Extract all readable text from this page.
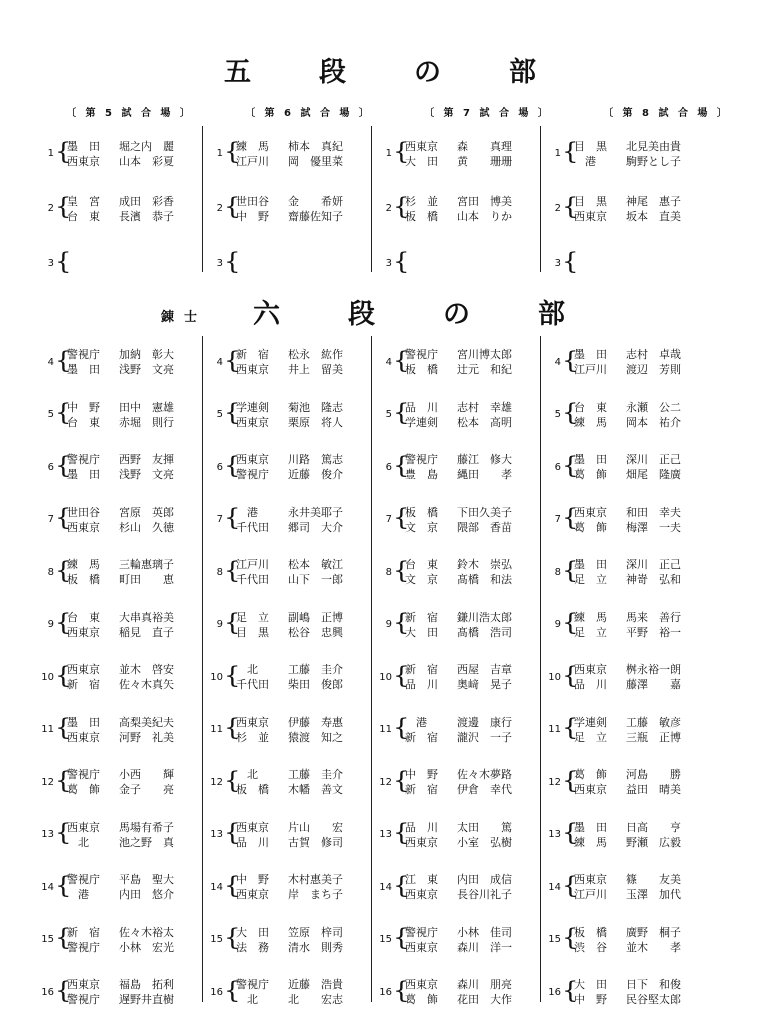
五	段	の	部
〔 第 5 試 合 場 〕	〔 第 6 試 合 場 〕	〔 第 7 試 合 場 〕	〔 第 8 試 合 場 〕
1 {
墨　田	堀之内　麗
西東京	山本　彩夏
2 {
皇　宮	成田　彩香
台　東	長濱　恭子
3 {
1 {
練　馬	柿本　真紀
江戸川	岡　優里菜
2 {
世田谷	金　　希妍
中　野	齋藤佐知子
3 {
1 {
西東京	森　　真理
大　田	黄　　珊珊
2 {
杉　並	宮田　博美
板　橋	山本　りか
3 {
1 {
目　黒	北見美由貴
　港	駒野とし子
2 {
目　黒	神尾　惠子
西東京	坂本　直美
3 {
錬士 六	段	の	部
4 {
警視庁	加納　彰大
墨　田	浅野　文亮
5 {
中　野	田中　憲雄
台　東	赤堀　則行
6 {
警視庁	西野　友揮
墨　田	浅野　文亮
7 {
世田谷	宮原　英郎
西東京	杉山　久徳
8 {
練　馬	三輪惠璃子
板　橋	町田　　恵
9 {
台　東	大串真裕美
西東京	稲見　直子
10 {
西東京	並木　啓安
新　宿	佐々木真矢
11 {
墨　田	高梨美紀夫
西東京	河野　礼美
12 {
警視庁	小西　　輝
葛　飾	金子　　亮
13 {
西東京	馬場有希子
　北	池之野　真
14 {
警視庁	平島　聖大
　港	内田　悠介
15 {
新　宿	佐々木裕太
警視庁	小林　宏光
16 {
西東京	福島　拓利
警視庁	遅野井直樹
4 {
新　宿	松永　紘作
西東京	井上　留美
5 {
学連剣	菊池　隆志
西東京	栗原　将人
6 {
西東京	川路　篤志
警視庁	近藤　俊介
7 {
　港	永井美耶子
千代田	郷司　大介
8 {
江戸川	松本　敏江
千代田	山下　一郎
9 {
足　立	副嶋　正博
目　黒	松谷　忠興
10 {
　北	工藤　圭介
千代田	柴田　俊郎
11 {
西東京	伊藤　寿惠
杉　並	猿渡　知之
12 {
　北	工藤　圭介
板　橋	木幡　善文
13 {
西東京	片山　　宏
品　川	古賀　修司
14 {
中　野	木村惠美子
西東京	岸　まち子
15 {
大　田	笠原　梓司
法　務	清水　則秀
16 {
警視庁	近藤　浩貴
　北	北　　宏志
4 {
警視庁	宮川博太郎
板　橋	辻元　和紀
5 {
品　川	志村　幸雄
学連剣	松本　高明
6 {
警視庁	藤江　修大
豊　島	縄田　　孝
7 {
板　橋	下田久美子
文　京	隈部　香苗
8 {
台　東	鈴木　崇弘
文　京	髙橋　和法
9 {
新　宿	鎌川浩太郎
大　田	髙橋　浩司
10 {
新　宿	西屋　吉章
品　川	奥﨑　晃子
11 {
　港	渡邊　康行
新　宿	瀧沢　一子
12 {
中　野	佐々木夢路
新　宿	伊倉　幸代
13 {
品　川	太田　　篤
西東京	小室　弘樹
14 {
江　東	内田　成信
西東京	長谷川礼子
15 {
警視庁	小林　佳司
西東京	森川　洋一
16 {
西東京	森川　朋亮
葛　飾	花田　大作
4 {
墨　田	志村　卓哉
江戸川	渡辺　芳則
5 {
台　東	永瀬　公二
練　馬	岡本　祐介
6 {
墨　田	深川　正己
葛　飾	畑尾　隆廣
7 {
西東京	和田　幸夫
葛　飾	梅澤　一夫
8 {
墨　田	深川　正己
足　立	神嵜　弘和
9 {
練　馬	馬来　善行
足　立	平野　裕一
10 {
西東京	桝永裕一朗
品　川	藤澤　　嘉
11 {
学連剣	工藤　敏彦
足　立	三瓶　正博
12 {
葛　飾	河島　　勝
西東京	益田　晴美
13 {
墨　田	日高　　亨
練　馬	野瀬　広毅
14 {
西東京	篠　　友美
江戸川	玉澤　加代
15 {
板　橋	廣野　桐子
渋　谷	並木　　孝
16 {
大　田	日下　和俊
中　野	民谷堅太郎
